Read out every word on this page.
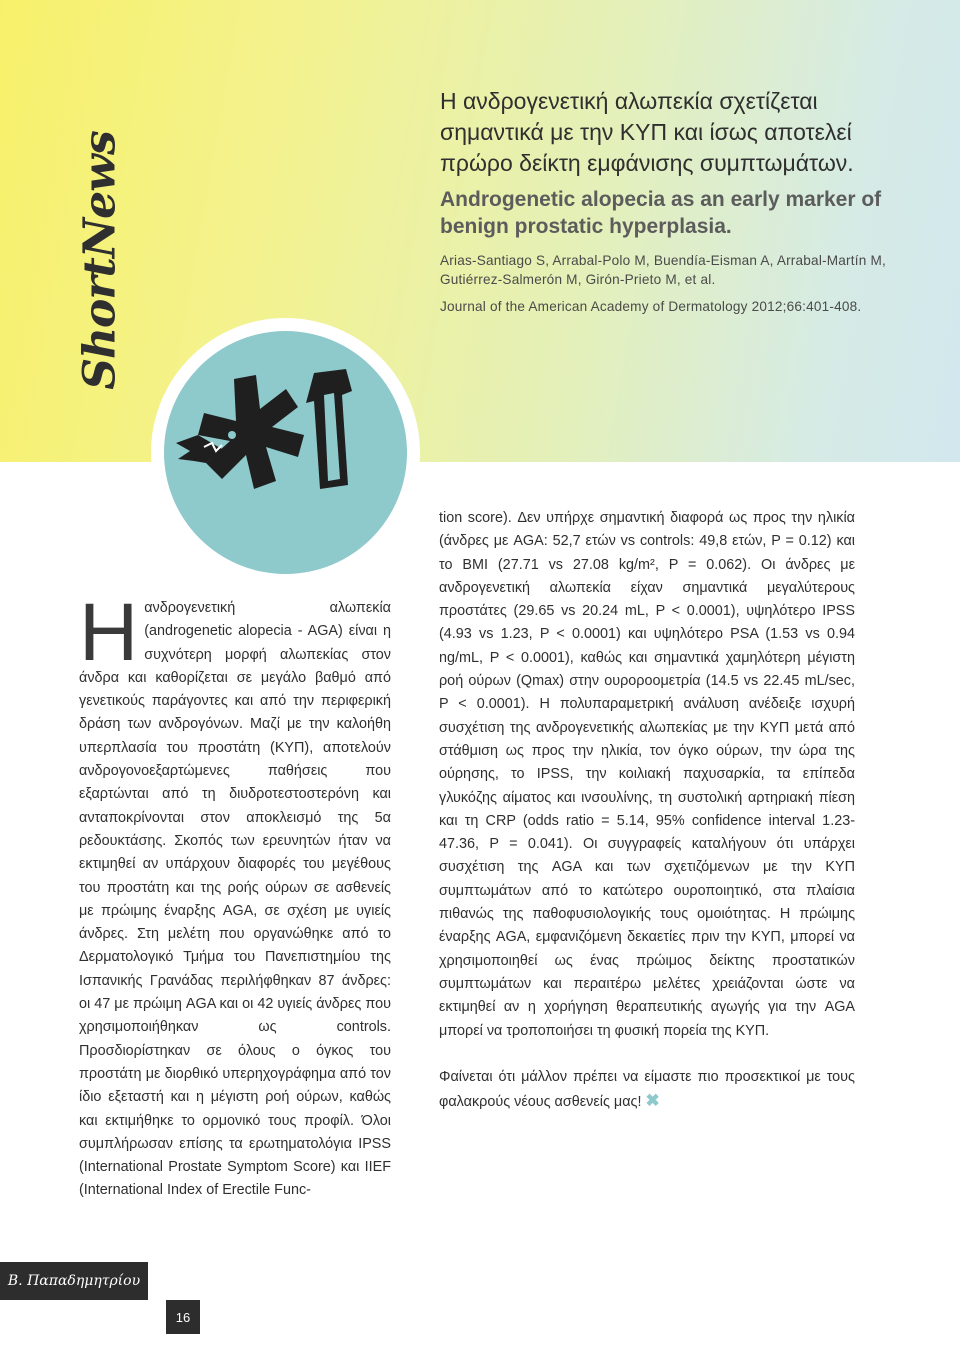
ShortNews
Η ανδρογενετική αλωπεκία σχετίζεται σημαντικά με την ΚΥΠ και ίσως αποτελεί πρώρο δείκτη εμφάνισης συμπτωμάτων.
Androgenetic alopecia as an early marker of benign prostatic hyperplasia.

Arias-Santiago S, Arrabal-Polo M, Buendía-Eisman A, Arrabal-Martín M, Gutiérrez-Salmerón M, Girón-Prieto M, et al.

Journal of the American Academy of Dermatology 2012;66:401-408.

Η ανδρογενετική αλωπεκία (androgenetic alopecia - AGA) είναι η συχνότερη μορφή αλωπεκίας στον άνδρα και καθορίζεται σε μεγάλο βαθμό από γενετικούς παράγοντες και από την περιφερική δράση των ανδρογόνων. Μαζί με την καλοήθη υπερπλασία του προστάτη (ΚΥΠ), αποτελούν ανδρογονοεξαρτώμενες παθήσεις που εξαρτώνται από τη διυδροτεστοστερόνη και ανταποκρίνονται στον αποκλεισμό της 5α ρεδουκτάσης. Σκοπός των ερευνητών ήταν να εκτιμηθεί αν υπάρχουν διαφορές του μεγέθους του προστάτη και της ροής ούρων σε ασθενείς με πρώιμης έναρξης AGA, σε σχέση με υγιείς άνδρες. Στη μελέτη που οργανώθηκε από το Δερματολογικό Τμήμα του Πανεπιστημίου της Ισπανικής Γρανάδας περιλήφθηκαν 87 άνδρες: οι 47 με πρώιμη AGA και οι 42 υγιείς άνδρες που χρησιμοποιήθηκαν ως controls. Προσδιορίστηκαν σε όλους ο όγκος του προστάτη με διορθικό υπερηχογράφημα από τον ίδιο εξεταστή και η μέγιστη ροή ούρων, καθώς και εκτιμήθηκε το ορμονικό τους προφίλ. Όλοι συμπλήρωσαν επίσης τα ερωτηματολόγια IPSS (International Prostate Symptom Score) και IIEF (International Index of Erectile Func-

tion score). Δεν υπήρχε σημαντική διαφορά ως προς την ηλικία (άνδρες με AGA: 52,7 ετών vs controls: 49,8 ετών, P = 0.12) και το BMI (27.71 vs 27.08 kg/m², P = 0.062). Οι άνδρες με ανδρογενετική αλωπεκία είχαν σημαντικά μεγαλύτερους προστάτες (29.65 vs 20.24 mL, P < 0.0001), υψηλότερο IPSS (4.93 vs 1.23, P < 0.0001) και υψηλότερο PSA (1.53 vs 0.94 ng/mL, P < 0.0001), καθώς και σημαντικά χαμηλότερη μέγιστη ροή ούρων (Qmax) στην ουροροομετρία (14.5 vs 22.45 mL/sec, P < 0.0001). Η πολυπαραμετρική ανάλυση ανέδειξε ισχυρή συσχέτιση της ανδρογενετικής αλωπεκίας με την ΚΥΠ μετά από στάθμιση ως προς την ηλικία, τον όγκο ούρων, την ώρα της ούρησης, το IPSS, την κοιλιακή παχυσαρκία, τα επίπεδα γλυκόζης αίματος και ινσουλίνης, τη συστολική αρτηριακή πίεση και τη CRP (odds ratio = 5.14, 95% confidence interval 1.23-47.36, P = 0.041). Οι συγγραφείς καταλήγουν ότι υπάρχει συσχέτιση της AGA και των σχετιζόμενων με την ΚΥΠ συμπτωμάτων από το κατώτερο ουροποιητικό, στα πλαίσια πιθανώς της παθοφυσιολογικής τους ομοιότητας. Η πρώιμης έναρξης AGA, εμφανιζόμενη δεκαετίες πριν την ΚΥΠ, μπορεί να χρησιμοποιηθεί ως ένας πρώιμος δείκτης προστατικών συμπτωμάτων και περαιτέρω μελέτες χρειάζονται ώστε να εκτιμηθεί αν η χορήγηση θεραπευτικής αγωγής για την AGA μπορεί να τροποποιήσει τη φυσική πορεία της ΚΥΠ.

Φαίνεται ότι μάλλον πρέπει να είμαστε πιο προσεκτικοί με τους φαλακρούς νέους ασθενείς μας! ✖

Β. Παπαδημητρίου
16
